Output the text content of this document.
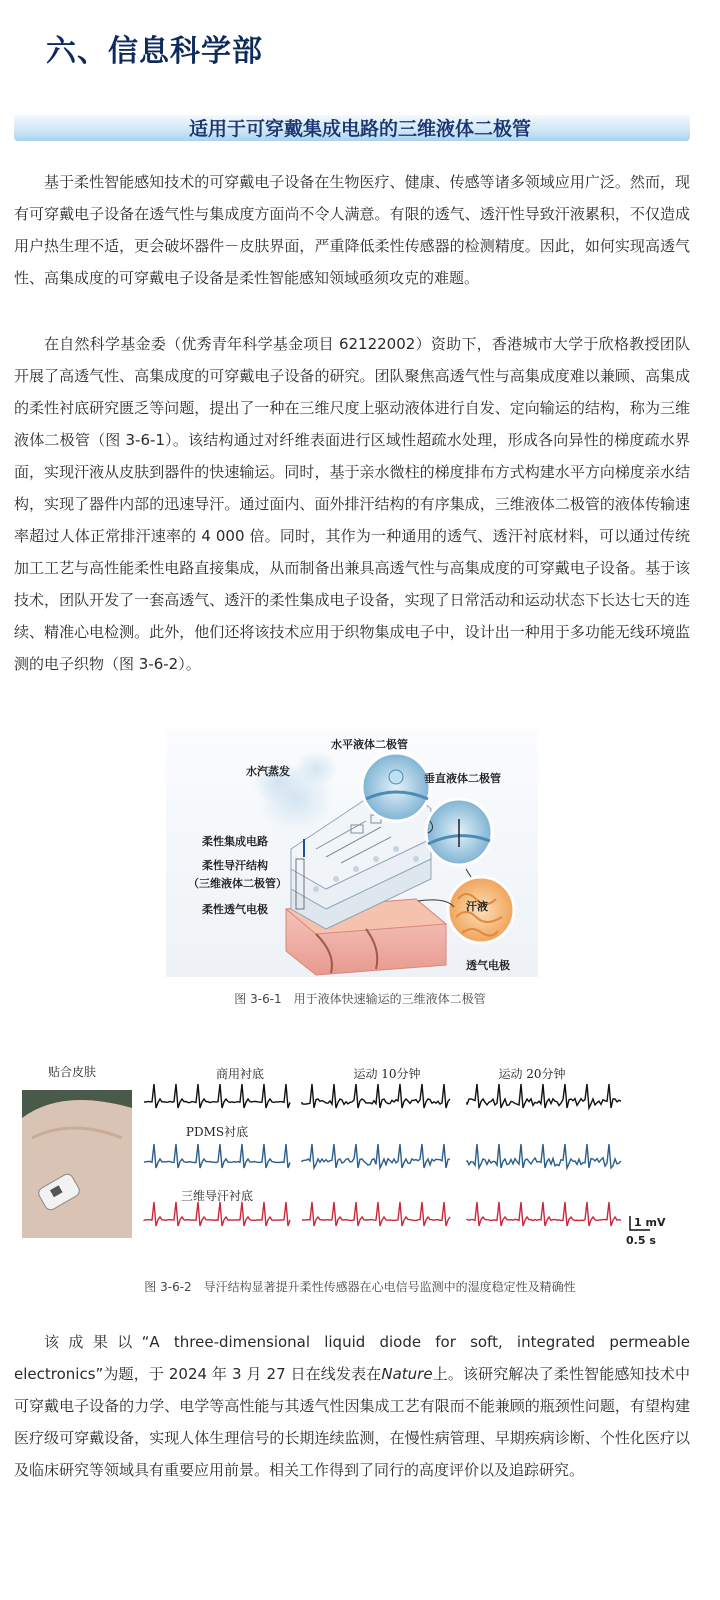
六、信息科学部
适用于可穿戴集成电路的三维液体二极管

基于柔性智能感知技术的可穿戴电子设备在生物医疗、健康、传感等诸多领域应用广泛。然而，现有可穿戴电子设备在透气性与集成度方面尚不令人满意。有限的透气、透汗性导致汗液累积，不仅造成用户热生理不适，更会破坏器件－皮肤界面，严重降低柔性传感器的检测精度。因此，如何实现高透气性、高集成度的可穿戴电子设备是柔性智能感知领域亟须攻克的难题。

在自然科学基金委（优秀青年科学基金项目 62122002）资助下，香港城市大学于欣格教授团队开展了高透气性、高集成度的可穿戴电子设备的研究。团队聚焦高透气性与高集成度难以兼顾、高集成的柔性衬底研究匮乏等问题，提出了一种在三维尺度上驱动液体进行自发、定向输运的结构，称为三维液体二极管（图 3-6-1）。该结构通过对纤维表面进行区域性超疏水处理，形成各向异性的梯度疏水界面，实现汗液从皮肤到器件的快速输运。同时，基于亲水微柱的梯度排布方式构建水平方向梯度亲水结构，实现了器件内部的迅速导汗。通过面内、面外排汗结构的有序集成，三维液体二极管的液体传输速率超过人体正常排汗速率的 4 000 倍。同时，其作为一种通用的透气、透汗衬底材料，可以通过传统加工工艺与高性能柔性电路直接集成，从而制备出兼具高透气性与高集成度的可穿戴电子设备。基于该技术，团队开发了一套高透气、透汗的柔性集成电子设备，实现了日常活动和运动状态下长达七天的连续、精准心电检测。此外，他们还将该技术应用于织物集成电子中，设计出一种用于多功能无线环境监测的电子织物（图 3-6-2）。

水平液体二极管
水汽蒸发
垂直液体二极管
柔性集成电路
柔性导汗结构
（三维液体二极管）
柔性透气电极	汗液
透气电极
图 3-6-1　用于液体快速输运的三维液体二极管
贴合皮肤	商用衬底	运动 10分钟	运动 20分钟
PDMS衬底
三维导汗衬底
1 mV
0.5 s
图 3-6-2　导汗结构显著提升柔性传感器在心电信号监测中的湿度稳定性及精确性

该成果以“A three-dimensional liquid diode for soft, integrated permeable electronics”为题，于 2024 年 3 月 27 日在线发表在Nature上。该研究解决了柔性智能感知技术中可穿戴电子设备的力学、电学等高性能与其透气性因集成工艺有限而不能兼顾的瓶颈性问题，有望构建医疗级可穿戴设备，实现人体生理信号的长期连续监测，在慢性病管理、早期疾病诊断、个性化医疗以及临床研究等领域具有重要应用前景。相关工作得到了同行的高度评价以及追踪研究。
